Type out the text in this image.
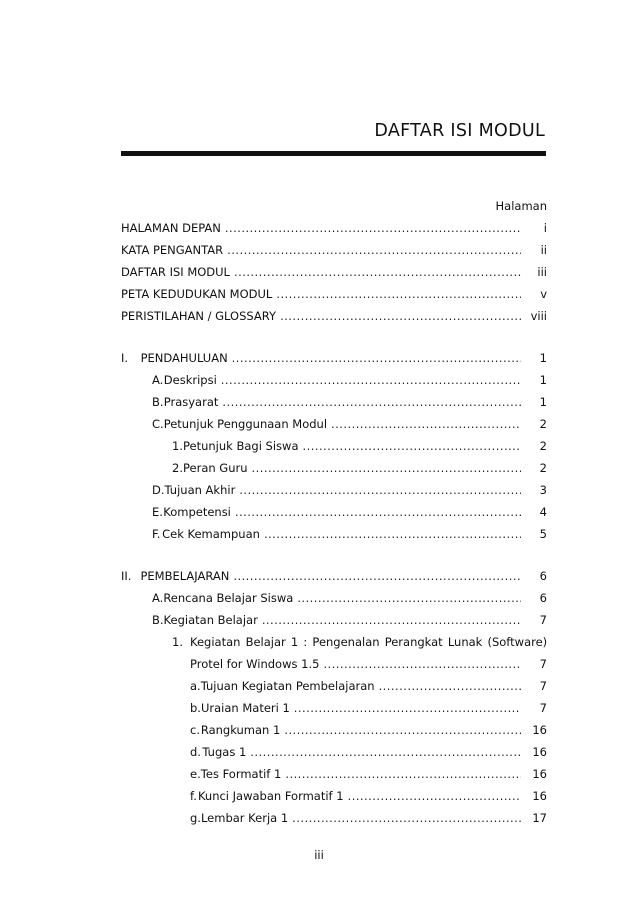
DAFTAR ISI MODUL
Halaman
HALAMAN DEPAN . . .	i
KATA PENGANTAR . . .	ii
DAFTAR ISI MODUL . . .	iii
PETA KEDUDUKAN MODUL . . .	v
PERISTILAHAN / GLOSSARY . . .	viii
I.	PENDAHULUAN . . .	1
A. Deskripsi . . .	1
B. Prasyarat . . .	1
C. Petunjuk Penggunaan Modul . . .	2
1. Petunjuk Bagi Siswa . . .	2
2. Peran Guru . . .	2
D. Tujuan Akhir . . .	3
E. Kompetensi . . .	4
F. Cek Kemampuan . . .	5
II. PEMBELAJARAN . . .	6
A. Rencana Belajar Siswa . . .	6
B. Kegiatan Belajar . . .	7
1. Kegiatan Belajar 1 : Pengenalan Perangkat Lunak (Software)
Protel for Windows 1.5 . . .	7
a. Tujuan Kegiatan Pembelajaran . . .	7
b. Uraian Materi 1 . . .	7
c. Rangkuman 1 . . .	16
d. Tugas 1 . . .	16
e. Tes Formatif 1 . . .	16
f. Kunci Jawaban Formatif 1 . . .	16
g. Lembar Kerja 1 . . .	17
iii
